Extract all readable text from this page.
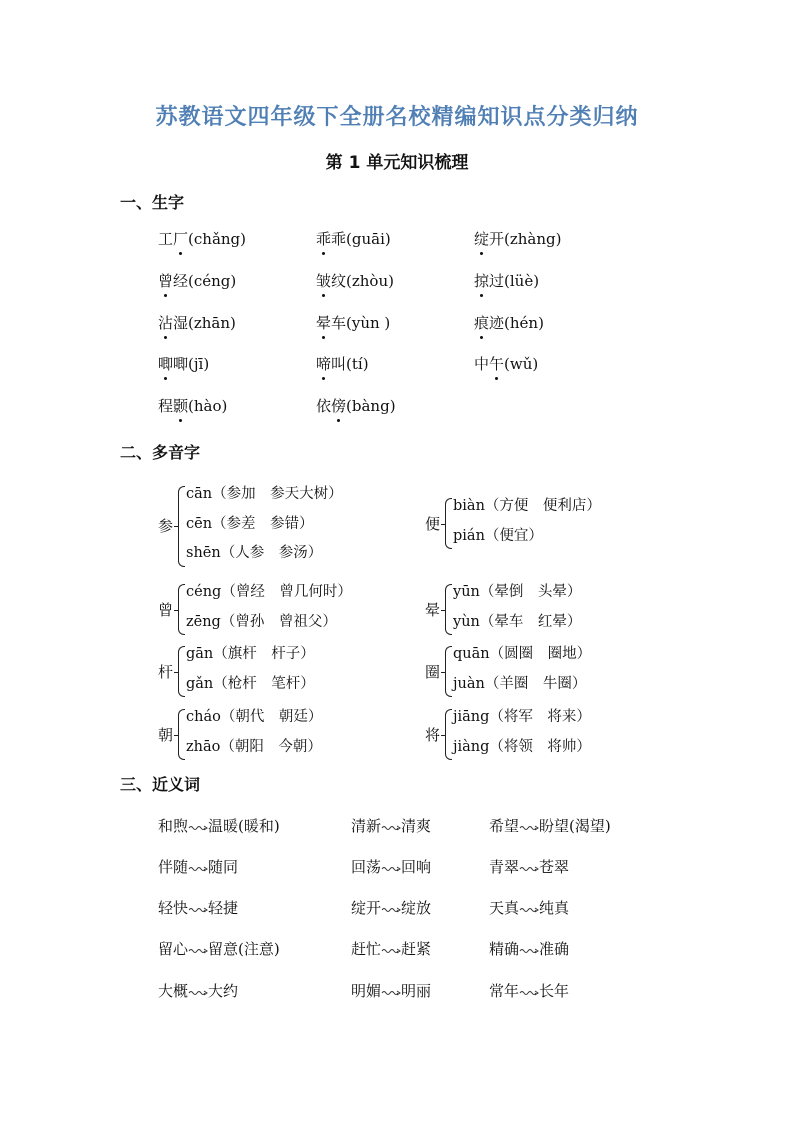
苏教语文四年级下全册名校精编知识点分类归纳
第 1 单元知识梳理
一、生字
工厂(chǎng)	乖乖(guāi)	绽开(zhàng)
曾经(céng)	皱纹(zhòu)	掠过(lüè)
沾湿(zhān)	晕车(yùn )	痕迹(hén)
唧唧(jī)	啼叫(tí)	中午(wǔ)
程颢(hào)	依傍(bàng)
二、多音字
参
cān（参加　参天大树）
cēn（参差　参错）
shēn（人参　参汤）
便
biàn（方便　便利店）
pián（便宜）
曾
céng（曾经　曾几何时）
zēng（曾孙　曾祖父）
晕
yūn（晕倒　头晕）
yùn（晕车　红晕）
杆
gān（旗杆　杆子）
gǎn（枪杆　笔杆）
圈
quān（圆圈　圈地）
juàn（羊圈　牛圈）
朝
cháo（朝代　朝廷）
zhāo（朝阳　今朝）
将
jiāng（将军　将来）
jiàng（将领　将帅）
三、近义词
和煦 温暖(暖和)	清新 清爽	希望 盼望(渴望)
伴随 随同	回荡 回响	青翠 苍翠
轻快 轻捷	绽开 绽放	天真 纯真
留心 留意(注意)	赶忙 赶紧	精确 准确
大概 大约	明媚 明丽	常年 长年
